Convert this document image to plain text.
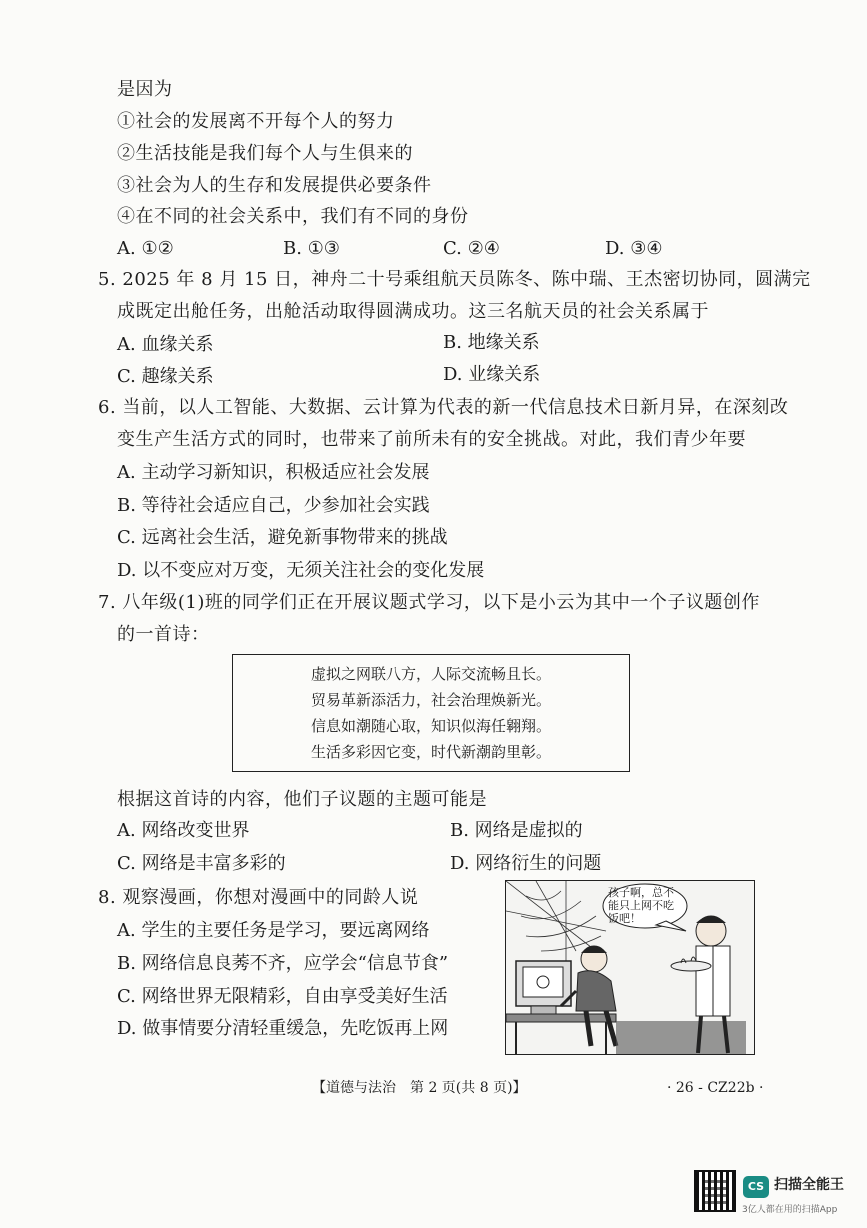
是因为
①社会的发展离不开每个人的努力
②生活技能是我们每个人与生俱来的
③社会为人的生存和发展提供必要条件
④在不同的社会关系中，我们有不同的身份
A. ①②	B. ①③	C. ②④	D. ③④
5. 2025 年 8 月 15 日，神舟二十号乘组航天员陈冬、陈中瑞、王杰密切协同，圆满完
成既定出舱任务，出舱活动取得圆满成功。这三名航天员的社会关系属于
A. 血缘关系	B. 地缘关系
C. 趣缘关系	D. 业缘关系
6. 当前，以人工智能、大数据、云计算为代表的新一代信息技术日新月异，在深刻改
变生产生活方式的同时，也带来了前所未有的安全挑战。对此，我们青少年要
A. 主动学习新知识，积极适应社会发展
B. 等待社会适应自己，少参加社会实践
C. 远离社会生活，避免新事物带来的挑战
D. 以不变应对万变，无须关注社会的变化发展
7. 八年级(1)班的同学们正在开展议题式学习，以下是小云为其中一个子议题创作
的一首诗：
虚拟之网联八方，人际交流畅且长。
贸易革新添活力，社会治理焕新光。
信息如潮随心取，知识似海任翱翔。
生活多彩因它变，时代新潮韵里彰。
根据这首诗的内容，他们子议题的主题可能是
A. 网络改变世界	B. 网络是虚拟的
C. 网络是丰富多彩的	D. 网络衍生的问题
8. 观察漫画，你想对漫画中的同龄人说
A. 学生的主要任务是学习，要远离网络
B. 网络信息良莠不齐，应学会“信息节食”
C. 网络世界无限精彩，自由享受美好生活
D. 做事情要分清轻重缓急，先吃饭再上网
孩子啊，总不能只上网不吃饭吧！
【道德与法治　第 2 页(共 8 页)】	· 26 - CZ22b ·
CS 扫描全能王
3亿人都在用的扫描App
